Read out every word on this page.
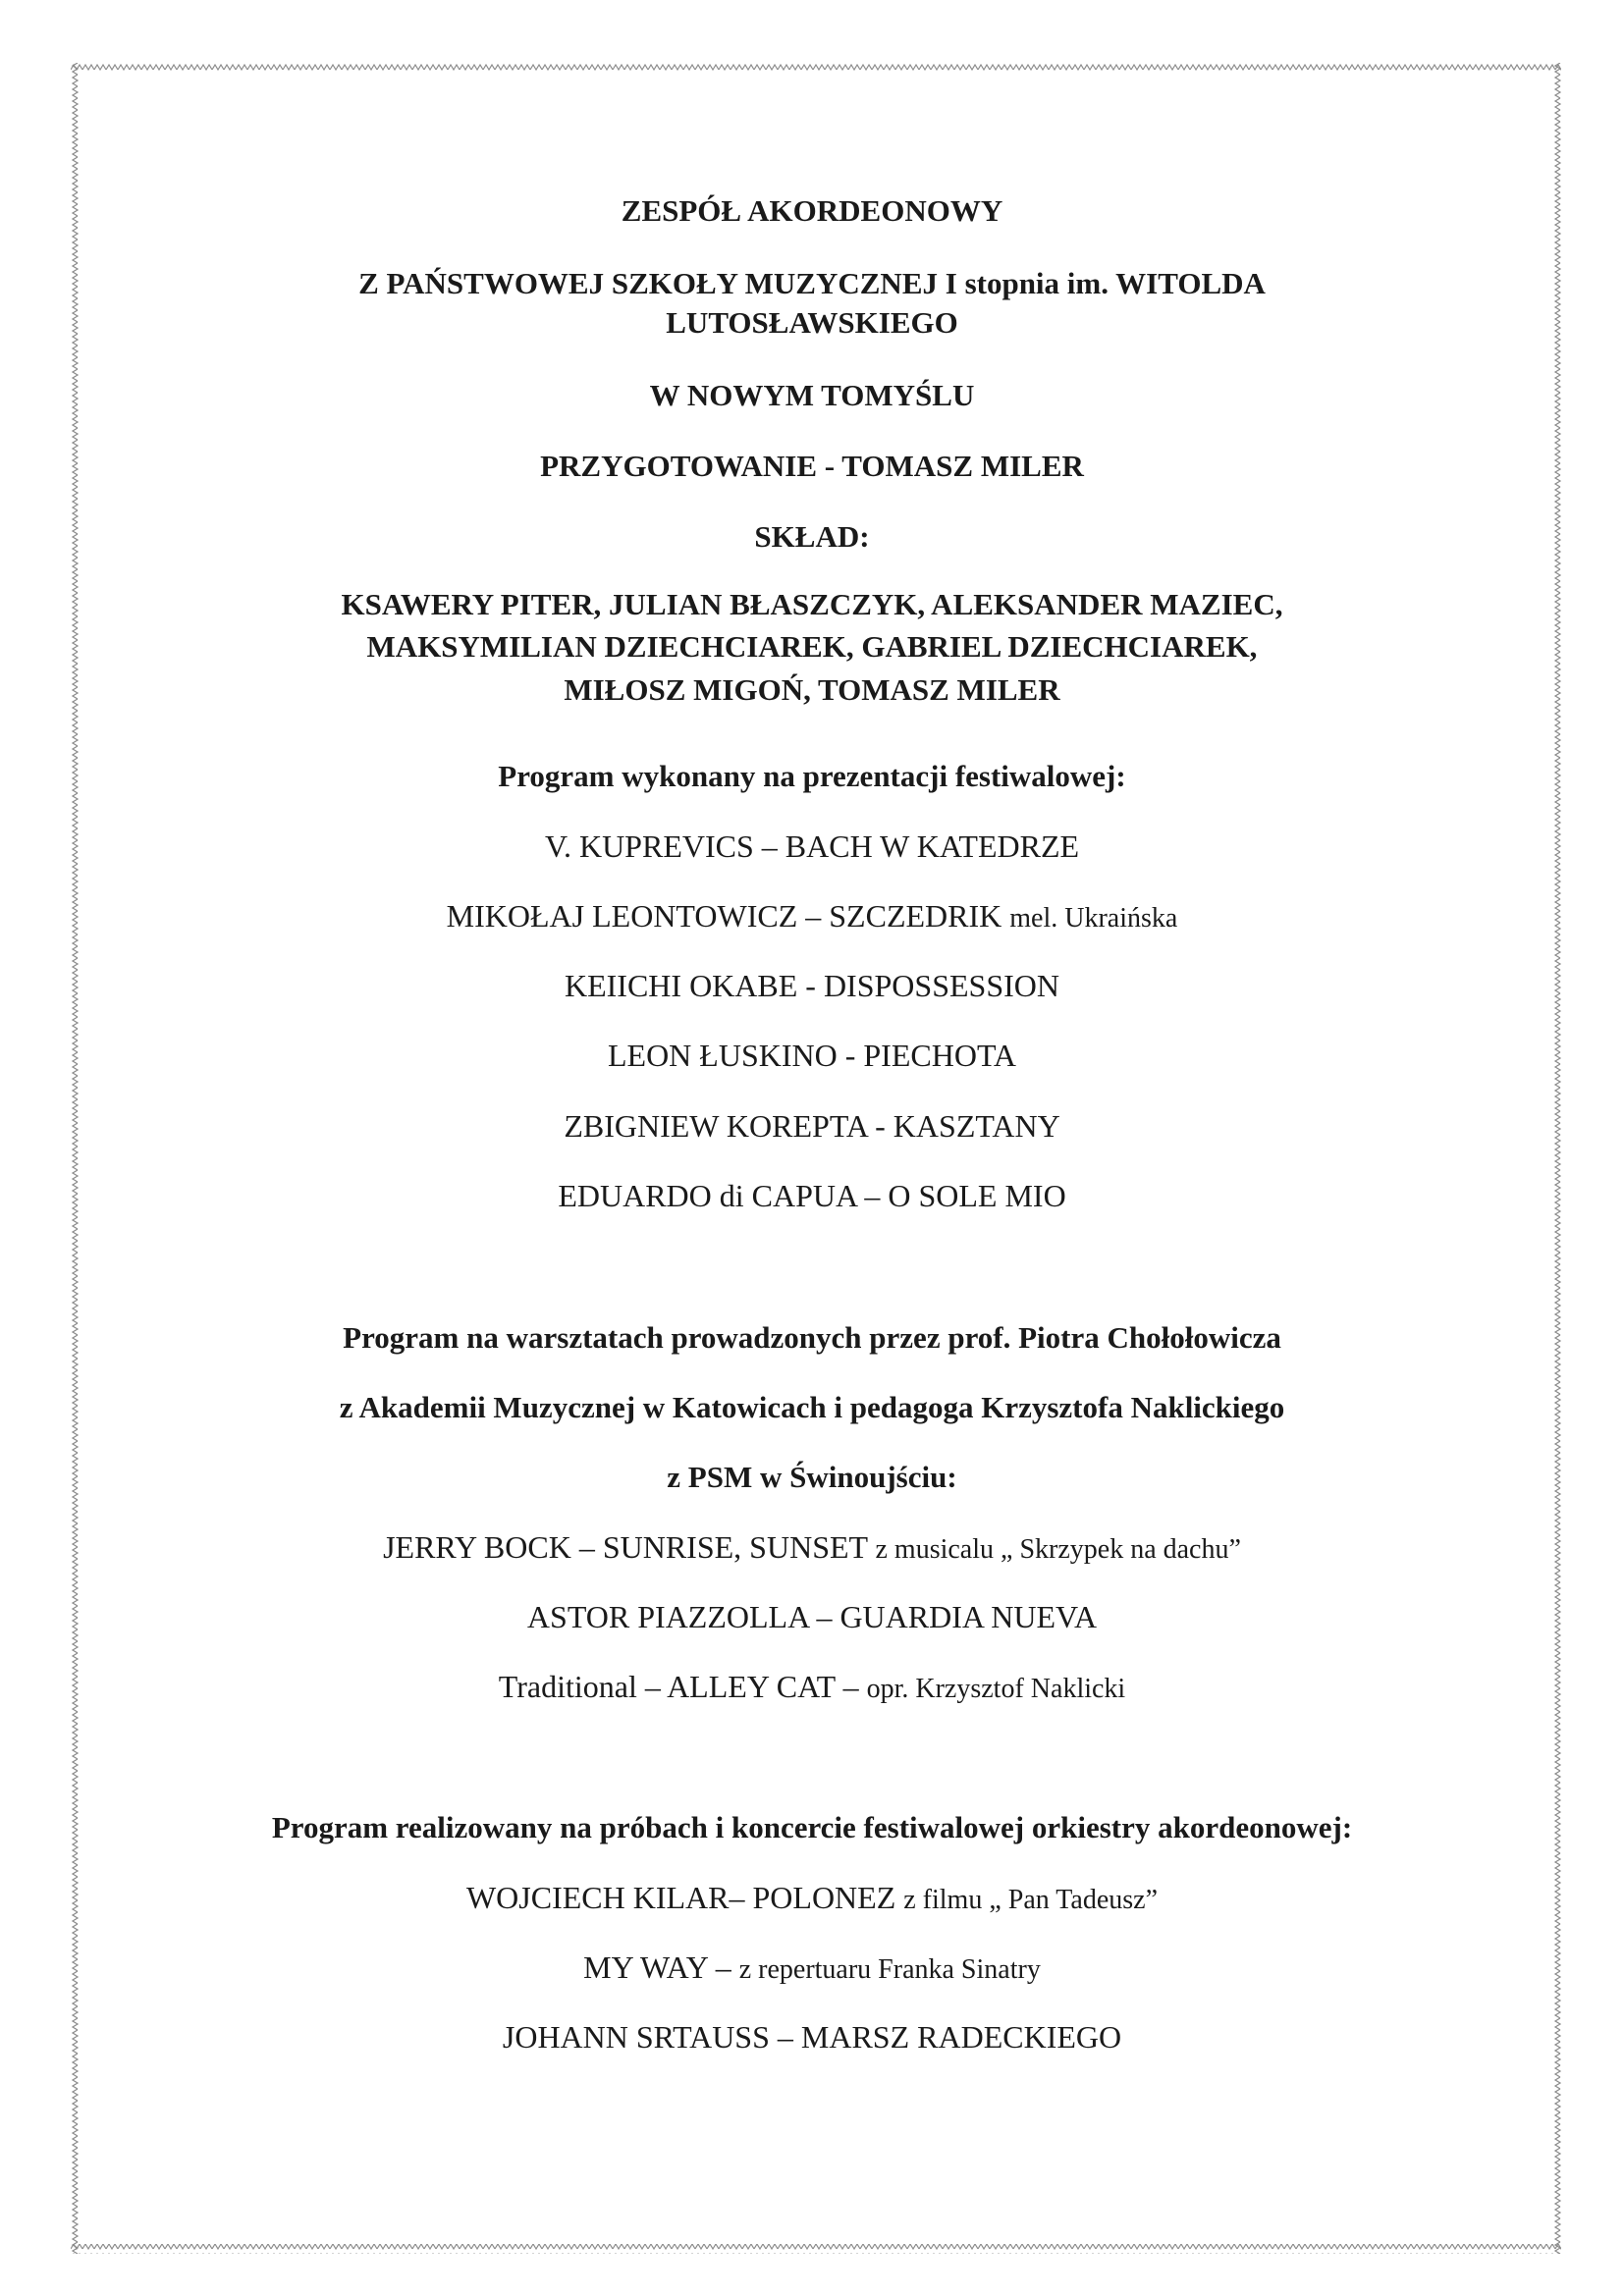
ZESPÓŁ AKORDEONOWY
Z PAŃSTWOWEJ SZKOŁY MUZYCZNEJ I stopnia im. WITOLDA
LUTOSŁAWSKIEGO
W NOWYM TOMYŚLU
PRZYGOTOWANIE - TOMASZ MILER
SKŁAD:
KSAWERY PITER, JULIAN BŁASZCZYK, ALEKSANDER MAZIEC,
MAKSYMILIAN DZIECHCIAREK, GABRIEL DZIECHCIAREK,
MIŁOSZ MIGOŃ, TOMASZ MILER
Program wykonany na prezentacji festiwalowej:
V. KUPREVICS – BACH W KATEDRZE
MIKOŁAJ LEONTOWICZ – SZCZEDRIK mel. Ukraińska
KEIICHI OKABE - DISPOSSESSION
LEON ŁUSKINO - PIECHOTA
ZBIGNIEW KOREPTA - KASZTANY
EDUARDO di CAPUA – O SOLE MIO
Program na warsztatach prowadzonych przez prof. Piotra Chołołowicza
z Akademii Muzycznej w Katowicach i pedagoga Krzysztofa Naklickiego
z PSM w Świnoujściu:
JERRY BOCK – SUNRISE, SUNSET z musicalu „ Skrzypek na dachu”
ASTOR PIAZZOLLA – GUARDIA NUEVA
Traditional – ALLEY CAT – opr. Krzysztof Naklicki
Program realizowany na próbach i koncercie festiwalowej orkiestry akordeonowej:
WOJCIECH KILAR– POLONEZ z filmu „ Pan Tadeusz”
MY WAY – z repertuaru Franka Sinatry
JOHANN SRTAUSS – MARSZ RADECKIEGO
